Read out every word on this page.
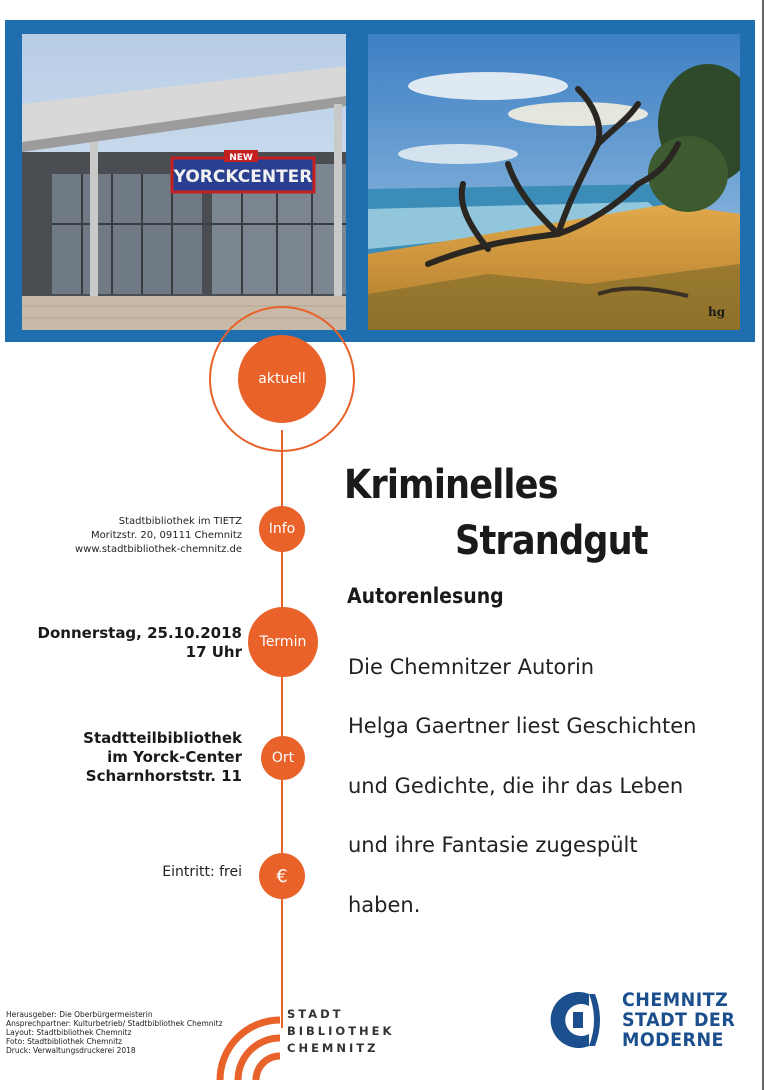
YORCKCENTER
NEW
hg
aktuell
Info
Termin
Ort
€
Stadtbibliothek im TIETZ
Moritzstr. 20, 09111 Chemnitz
www.stadtbibliothek-chemnitz.de
Donnerstag, 25.10.2018
17 Uhr
Stadtteilbibliothek
im Yorck-Center
Scharnhorststr. 11
Eintritt: frei
Kriminelles
Strandgut
Autorenlesung
Die Chemnitzer Autorin
Helga Gaertner liest Geschichten
und Gedichte, die ihr das Leben
und ihre Fantasie zugespült
haben.
Herausgeber: Die Oberbürgermeisterin
Ansprechpartner: Kulturbetrieb/ Stadtbibliothek Chemnitz
Layout: Stadtbibliothek Chemnitz
Foto: Stadtbibliothek Chemnitz
Druck: Verwaltungsdruckerei 2018
STADT
BIBLIOTHEK
CHEMNITZ
CHEMNITZ
STADT DER
MODERNE
